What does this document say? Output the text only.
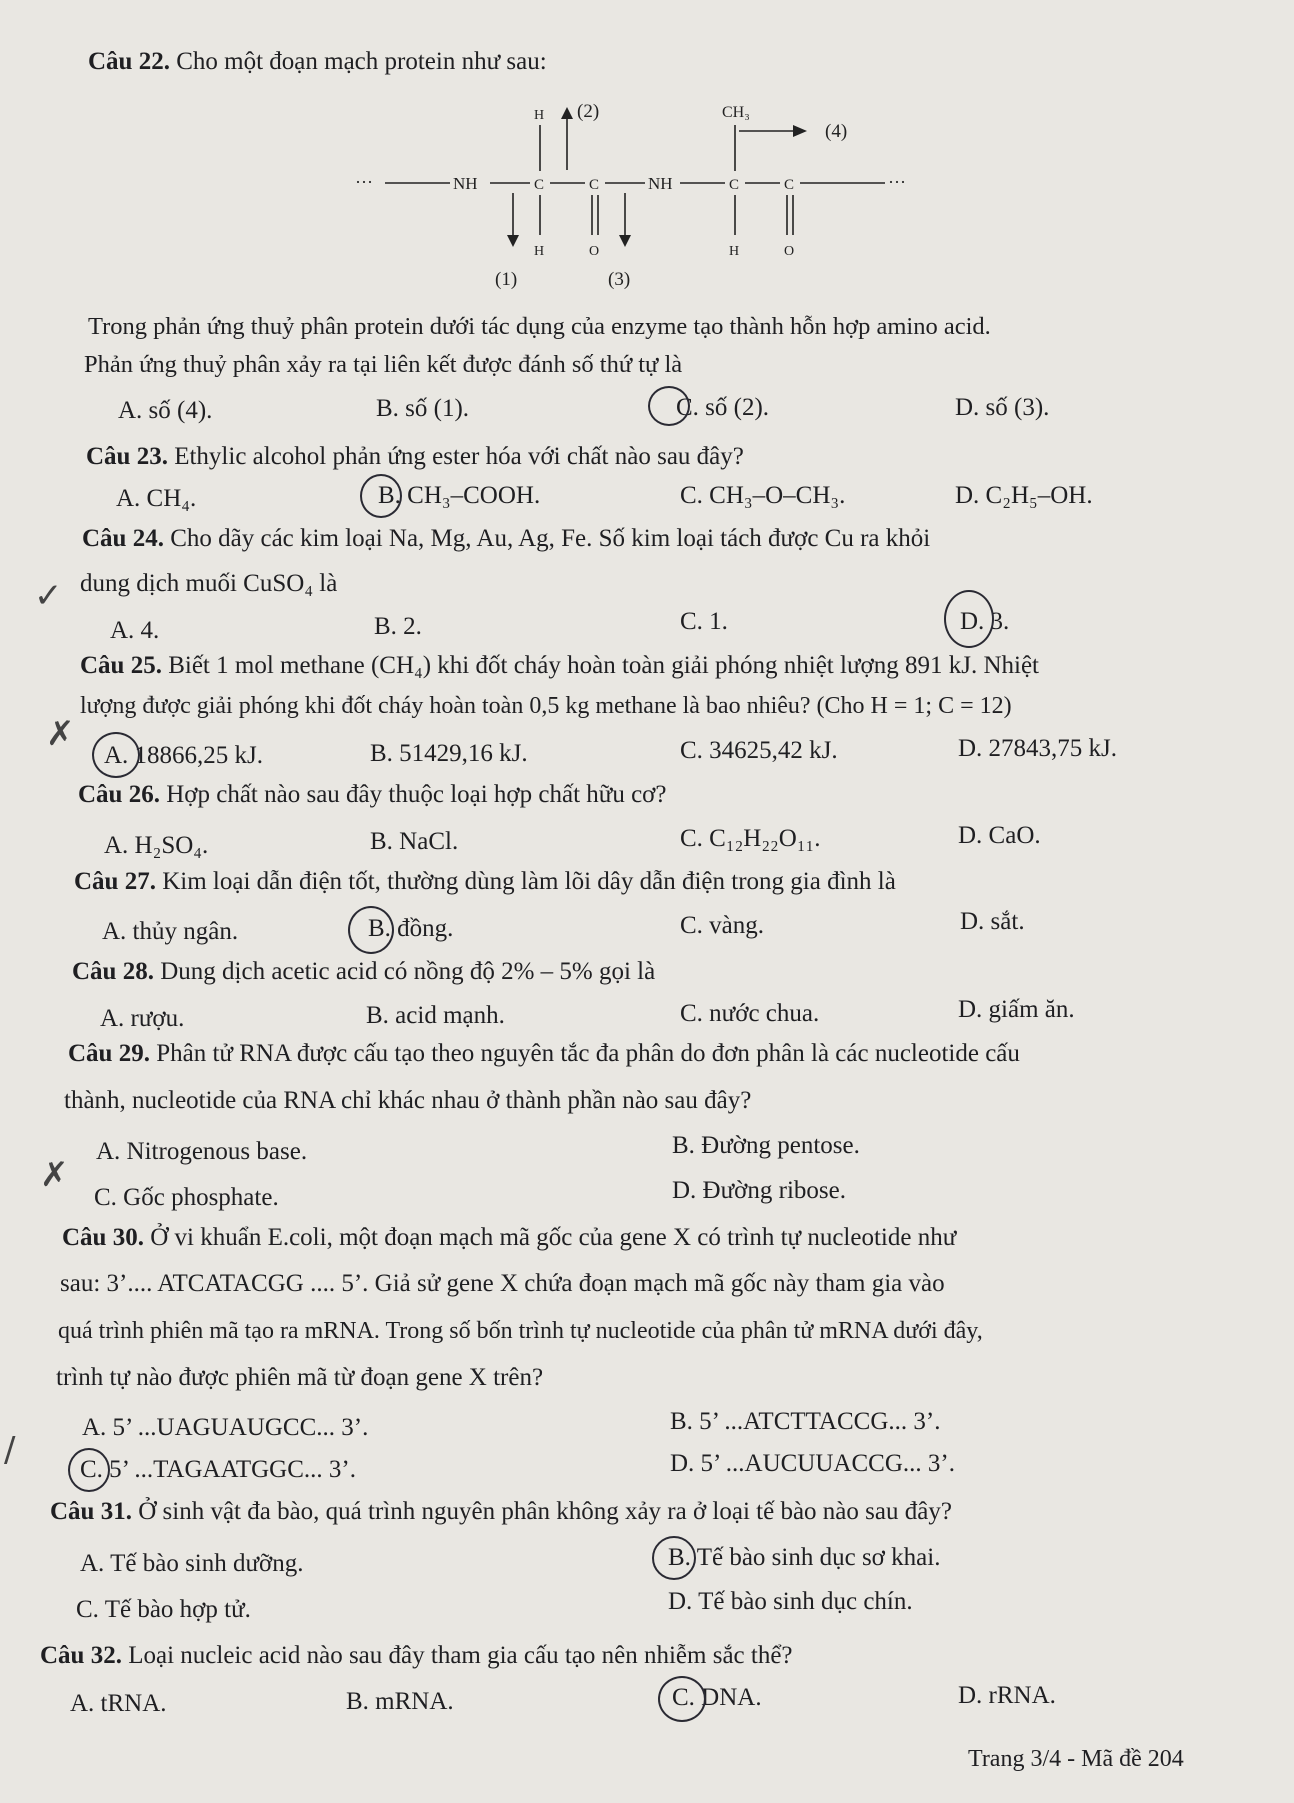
Câu 22. Cho một đoạn mạch protein như sau:
···	NH	C
H
H
C
O
NH	C
CH₃
H
C
O
···
(1)
(2)
(3)
(4)
Trong phản ứng thuỷ phân protein dưới tác dụng của enzyme tạo thành hỗn hợp amino acid.
Phản ứng thuỷ phân xảy ra tại liên kết được đánh số thứ tự là
A. số (4).	B. số (1).	C. số (2).	D. số (3).
Câu 23. Ethylic alcohol phản ứng ester hóa với chất nào sau đây?
A. CH₄.	B. CH₃–COOH.	C. CH₃–O–CH₃.	D. C₂H₅–OH.
Câu 24. Cho dãy các kim loại Na, Mg, Au, Ag, Fe. Số kim loại tách được Cu ra khỏi
dung dịch muối CuSO₄ là
✓
A. 4.	B. 2.	C. 1.	D. 3.
Câu 25. Biết 1 mol methane (CH₄) khi đốt cháy hoàn toàn giải phóng nhiệt lượng 891 kJ. Nhiệt
lượng được giải phóng khi đốt cháy hoàn toàn 0,5 kg methane là bao nhiêu? (Cho H = 1; C = 12)
✗
A. 18866,25 kJ.	B. 51429,16 kJ.	C. 34625,42 kJ.	D. 27843,75 kJ.
Câu 26. Hợp chất nào sau đây thuộc loại hợp chất hữu cơ?
A. H₂SO₄.	B. NaCl.	C. C₁₂H₂₂O₁₁.	D. CaO.
Câu 27. Kim loại dẫn điện tốt, thường dùng làm lõi dây dẫn điện trong gia đình là
A. thủy ngân.	B. đồng.	C. vàng.	D. sắt.
Câu 28. Dung dịch acetic acid có nồng độ 2% – 5% gọi là
A. rượu.	B. acid mạnh.	C. nước chua.	D. giấm ăn.
Câu 29. Phân tử RNA được cấu tạo theo nguyên tắc đa phân do đơn phân là các nucleotide cấu
thành, nucleotide của RNA chỉ khác nhau ở thành phần nào sau đây?
A. Nitrogenous base.	B. Đường pentose.
✗
C. Gốc phosphate.	D. Đường ribose.
Câu 30. Ở vi khuẩn E.coli, một đoạn mạch mã gốc của gene X có trình tự nucleotide như
sau: 3’.... ATCATACGG .... 5’. Giả sử gene X chứa đoạn mạch mã gốc này tham gia vào
quá trình phiên mã tạo ra mRNA. Trong số bốn trình tự nucleotide của phân tử mRNA dưới đây,
trình tự nào được phiên mã từ đoạn gene X trên?
A. 5’ ...UAGUAUGCC... 3’.	B. 5’ ...ATCTTACCG... 3’.
/	C. 5’ ...TAGAATGGC... 3’.	D. 5’ ...AUCUUACCG... 3’.
Câu 31. Ở sinh vật đa bào, quá trình nguyên phân không xảy ra ở loại tế bào nào sau đây?
A. Tế bào sinh dưỡng.	B. Tế bào sinh dục sơ khai.
C. Tế bào hợp tử.	D. Tế bào sinh dục chín.
Câu 32. Loại nucleic acid nào sau đây tham gia cấu tạo nên nhiễm sắc thể?
A. tRNA.	B. mRNA.	C. DNA.	D. rRNA.
Trang 3/4 - Mã đề 204
